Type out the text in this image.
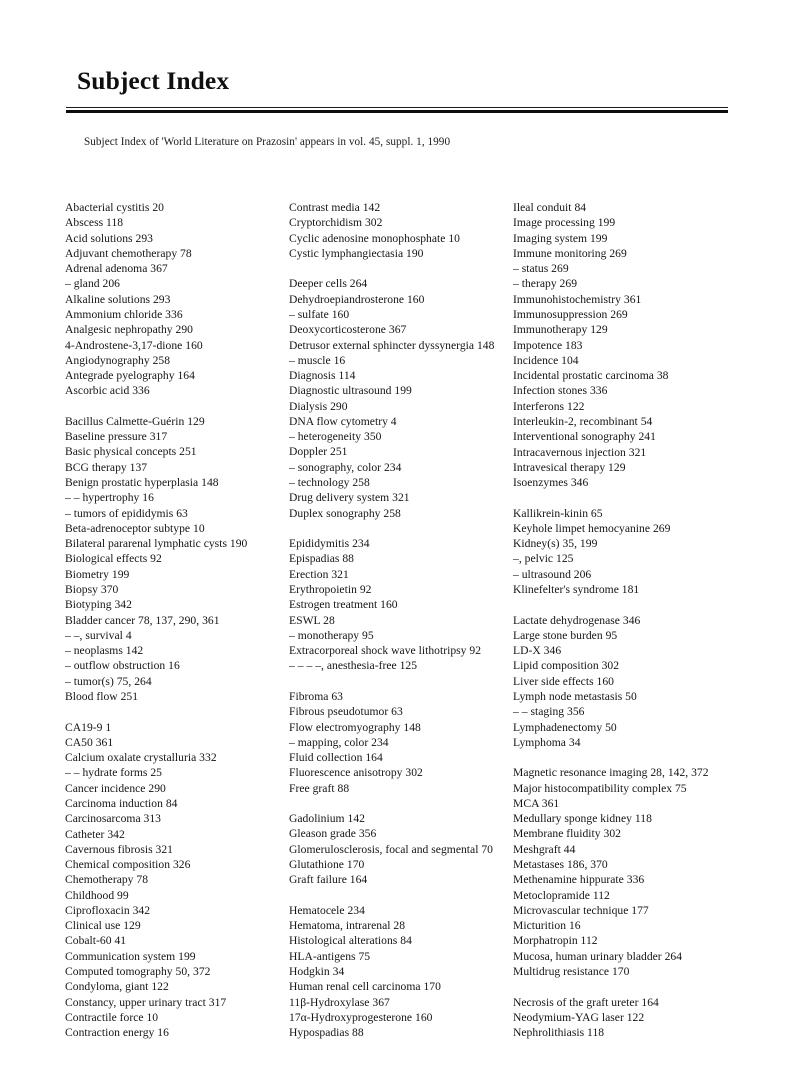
Subject Index
Subject Index of 'World Literature on Prazosin' appears in vol. 45, suppl. 1, 1990
Abacterial cystitis 20
Abscess 118
Acid solutions 293
Adjuvant chemotherapy 78
Adrenal adenoma 367
– gland 206
Alkaline solutions 293
Ammonium chloride 336
Analgesic nephropathy 290
4-Androstene-3,17-dione 160
Angiodynography 258
Antegrade pyelography 164
Ascorbic acid 336
Bacillus Calmette-Guérin 129
Baseline pressure 317
Basic physical concepts 251
BCG therapy 137
Benign prostatic hyperplasia 148
– – hypertrophy 16
– tumors of epididymis 63
Beta-adrenoceptor subtype 10
Bilateral pararenal lymphatic cysts 190
Biological effects 92
Biometry 199
Biopsy 370
Biotyping 342
Bladder cancer 78, 137, 290, 361
– –, survival 4
– neoplasms 142
– outflow obstruction 16
– tumor(s) 75, 264
Blood flow 251
CA19-9 1
CA50 361
Calcium oxalate crystalluria 332
– – hydrate forms 25
Cancer incidence 290
Carcinoma induction 84
Carcinosarcoma 313
Catheter 342
Cavernous fibrosis 321
Chemical composition 326
Chemotherapy 78
Childhood 99
Ciprofloxacin 342
Clinical use 129
Cobalt-60 41
Communication system 199
Computed tomography 50, 372
Condyloma, giant 122
Constancy, upper urinary tract 317
Contractile force 10
Contraction energy 16
Contrast media 142
Cryptorchidism 302
Cyclic adenosine monophosphate 10
Cystic lymphangiectasia 190
Deeper cells 264
Dehydroepiandrosterone 160
– sulfate 160
Deoxycorticosterone 367
Detrusor external sphincter dyssynergia 148
– muscle 16
Diagnosis 114
Diagnostic ultrasound 199
Dialysis 290
DNA flow cytometry 4
– heterogeneity 350
Doppler 251
– sonography, color 234
– technology 258
Drug delivery system 321
Duplex sonography 258
Epididymitis 234
Epispadias 88
Erection 321
Erythropoietin 92
Estrogen treatment 160
ESWL 28
– monotherapy 95
Extracorporeal shock wave lithotripsy 92
– – – –, anesthesia-free 125
Fibroma 63
Fibrous pseudotumor 63
Flow electromyography 148
– mapping, color 234
Fluid collection 164
Fluorescence anisotropy 302
Free graft 88
Gadolinium 142
Gleason grade 356
Glomerulosclerosis, focal and segmental 70
Glutathione 170
Graft failure 164
Hematocele 234
Hematoma, intrarenal 28
Histological alterations 84
HLA-antigens 75
Hodgkin 34
Human renal cell carcinoma 170
11β-Hydroxylase 367
17α-Hydroxyprogesterone 160
Hypospadias 88
Ileal conduit 84
Image processing 199
Imaging system 199
Immune monitoring 269
– status 269
– therapy 269
Immunohistochemistry 361
Immunosuppression 269
Immunotherapy 129
Impotence 183
Incidence 104
Incidental prostatic carcinoma 38
Infection stones 336
Interferons 122
Interleukin-2, recombinant 54
Interventional sonography 241
Intracavernous injection 321
Intravesical therapy 129
Isoenzymes 346
Kallikrein-kinin 65
Keyhole limpet hemocyanine 269
Kidney(s) 35, 199
–, pelvic 125
– ultrasound 206
Klinefelter's syndrome 181
Lactate dehydrogenase 346
Large stone burden 95
LD-X 346
Lipid composition 302
Liver side effects 160
Lymph node metastasis 50
– – staging 356
Lymphadenectomy 50
Lymphoma 34
Magnetic resonance imaging 28, 142, 372
Major histocompatibility complex 75
MCA 361
Medullary sponge kidney 118
Membrane fluidity 302
Meshgraft 44
Metastases 186, 370
Methenamine hippurate 336
Metoclopramide 112
Microvascular technique 177
Micturition 16
Morphatropin 112
Mucosa, human urinary bladder 264
Multidrug resistance 170
Necrosis of the graft ureter 164
Neodymium-YAG laser 122
Nephrolithiasis 118
